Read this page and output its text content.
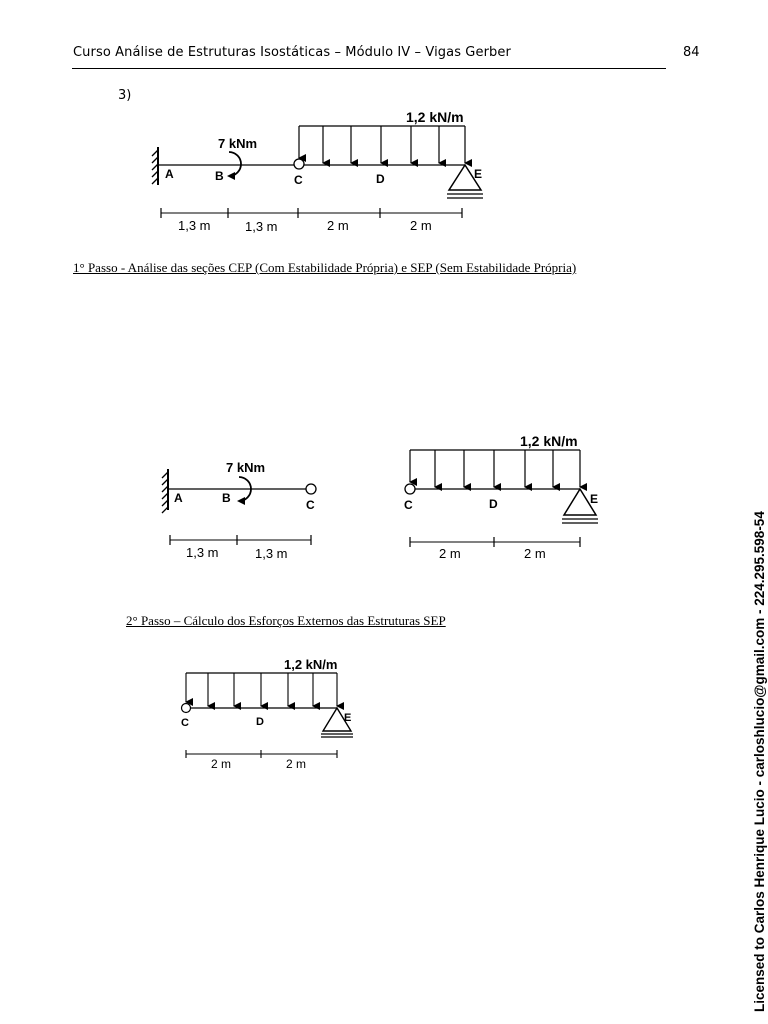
Curso Análise de Estruturas Isostáticas – Módulo IV – Vigas Gerber	84
3)
7 kNm
1,2 kN/m
A	B	C	D	E
1,3 m	1,3 m	2 m	2 m
1° Passo - Análise das seções CEP (Com Estabilidade Própria) e SEP (Sem Estabilidade Própria)
7 kNm
A	B	C
1,3 m	1,3 m
1,2 kN/m
C	D	E
2 m	2 m
2° Passo – Cálculo dos Esforços Externos das Estruturas SEP
1,2 kN/m
C	D	E
2 m	2 m	Licensed to Carlos Henrique Lucio - carloshlucio@gmail.com - 224.295.598-54
